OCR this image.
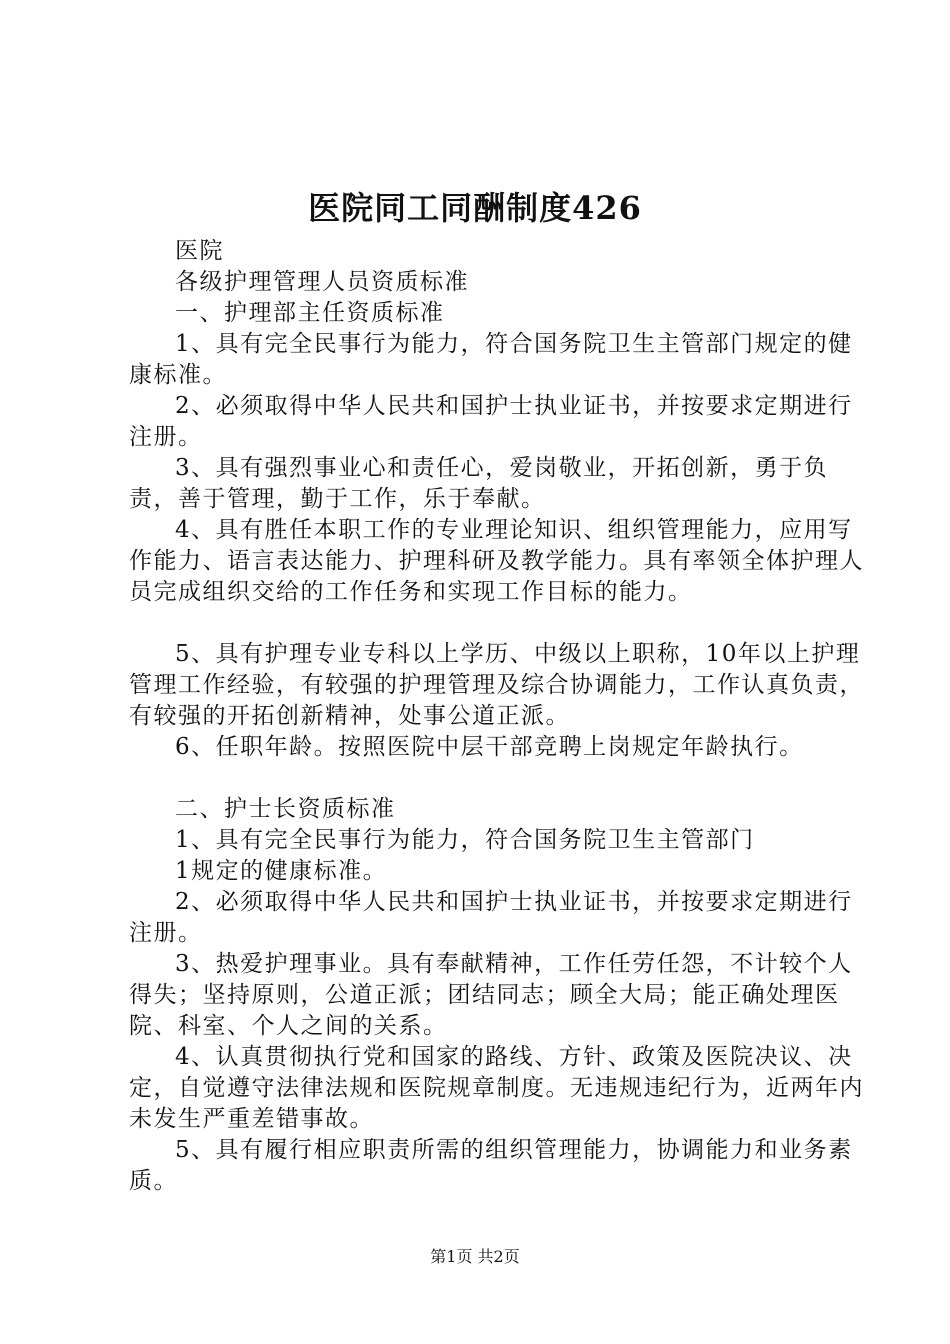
医院同工同酬制度426

医院

各级护理管理人员资质标准

一、护理部主任资质标准

1、具有完全民事行为能力，符合国务院卫生主管部门规定的健康标准。

2、必须取得中华人民共和国护士执业证书，并按要求定期进行注册。

3、具有强烈事业心和责任心，爱岗敬业，开拓创新，勇于负责，善于管理，勤于工作，乐于奉献。

4、具有胜任本职工作的专业理论知识、组织管理能力，应用写作能力、语言表达能力、护理科研及教学能力。具有率领全体护理人员完成组织交给的工作任务和实现工作目标的能力。

5、具有护理专业专科以上学历、中级以上职称，10年以上护理管理工作经验，有较强的护理管理及综合协调能力，工作认真负责，有较强的开拓创新精神，处事公道正派。

6、任职年龄。按照医院中层干部竞聘上岗规定年龄执行。

二、护士长资质标准

1、具有完全民事行为能力，符合国务院卫生主管部门

1规定的健康标准。

2、必须取得中华人民共和国护士执业证书，并按要求定期进行注册。

3、热爱护理事业。具有奉献精神，工作任劳任怨，不计较个人得失；坚持原则，公道正派；团结同志；顾全大局；能正确处理医院、科室、个人之间的关系。

4、认真贯彻执行党和国家的路线、方针、政策及医院决议、决定，自觉遵守法律法规和医院规章制度。无违规违纪行为，近两年内未发生严重差错事故。

5、具有履行相应职责所需的组织管理能力，协调能力和业务素质。

第1页 共2页
